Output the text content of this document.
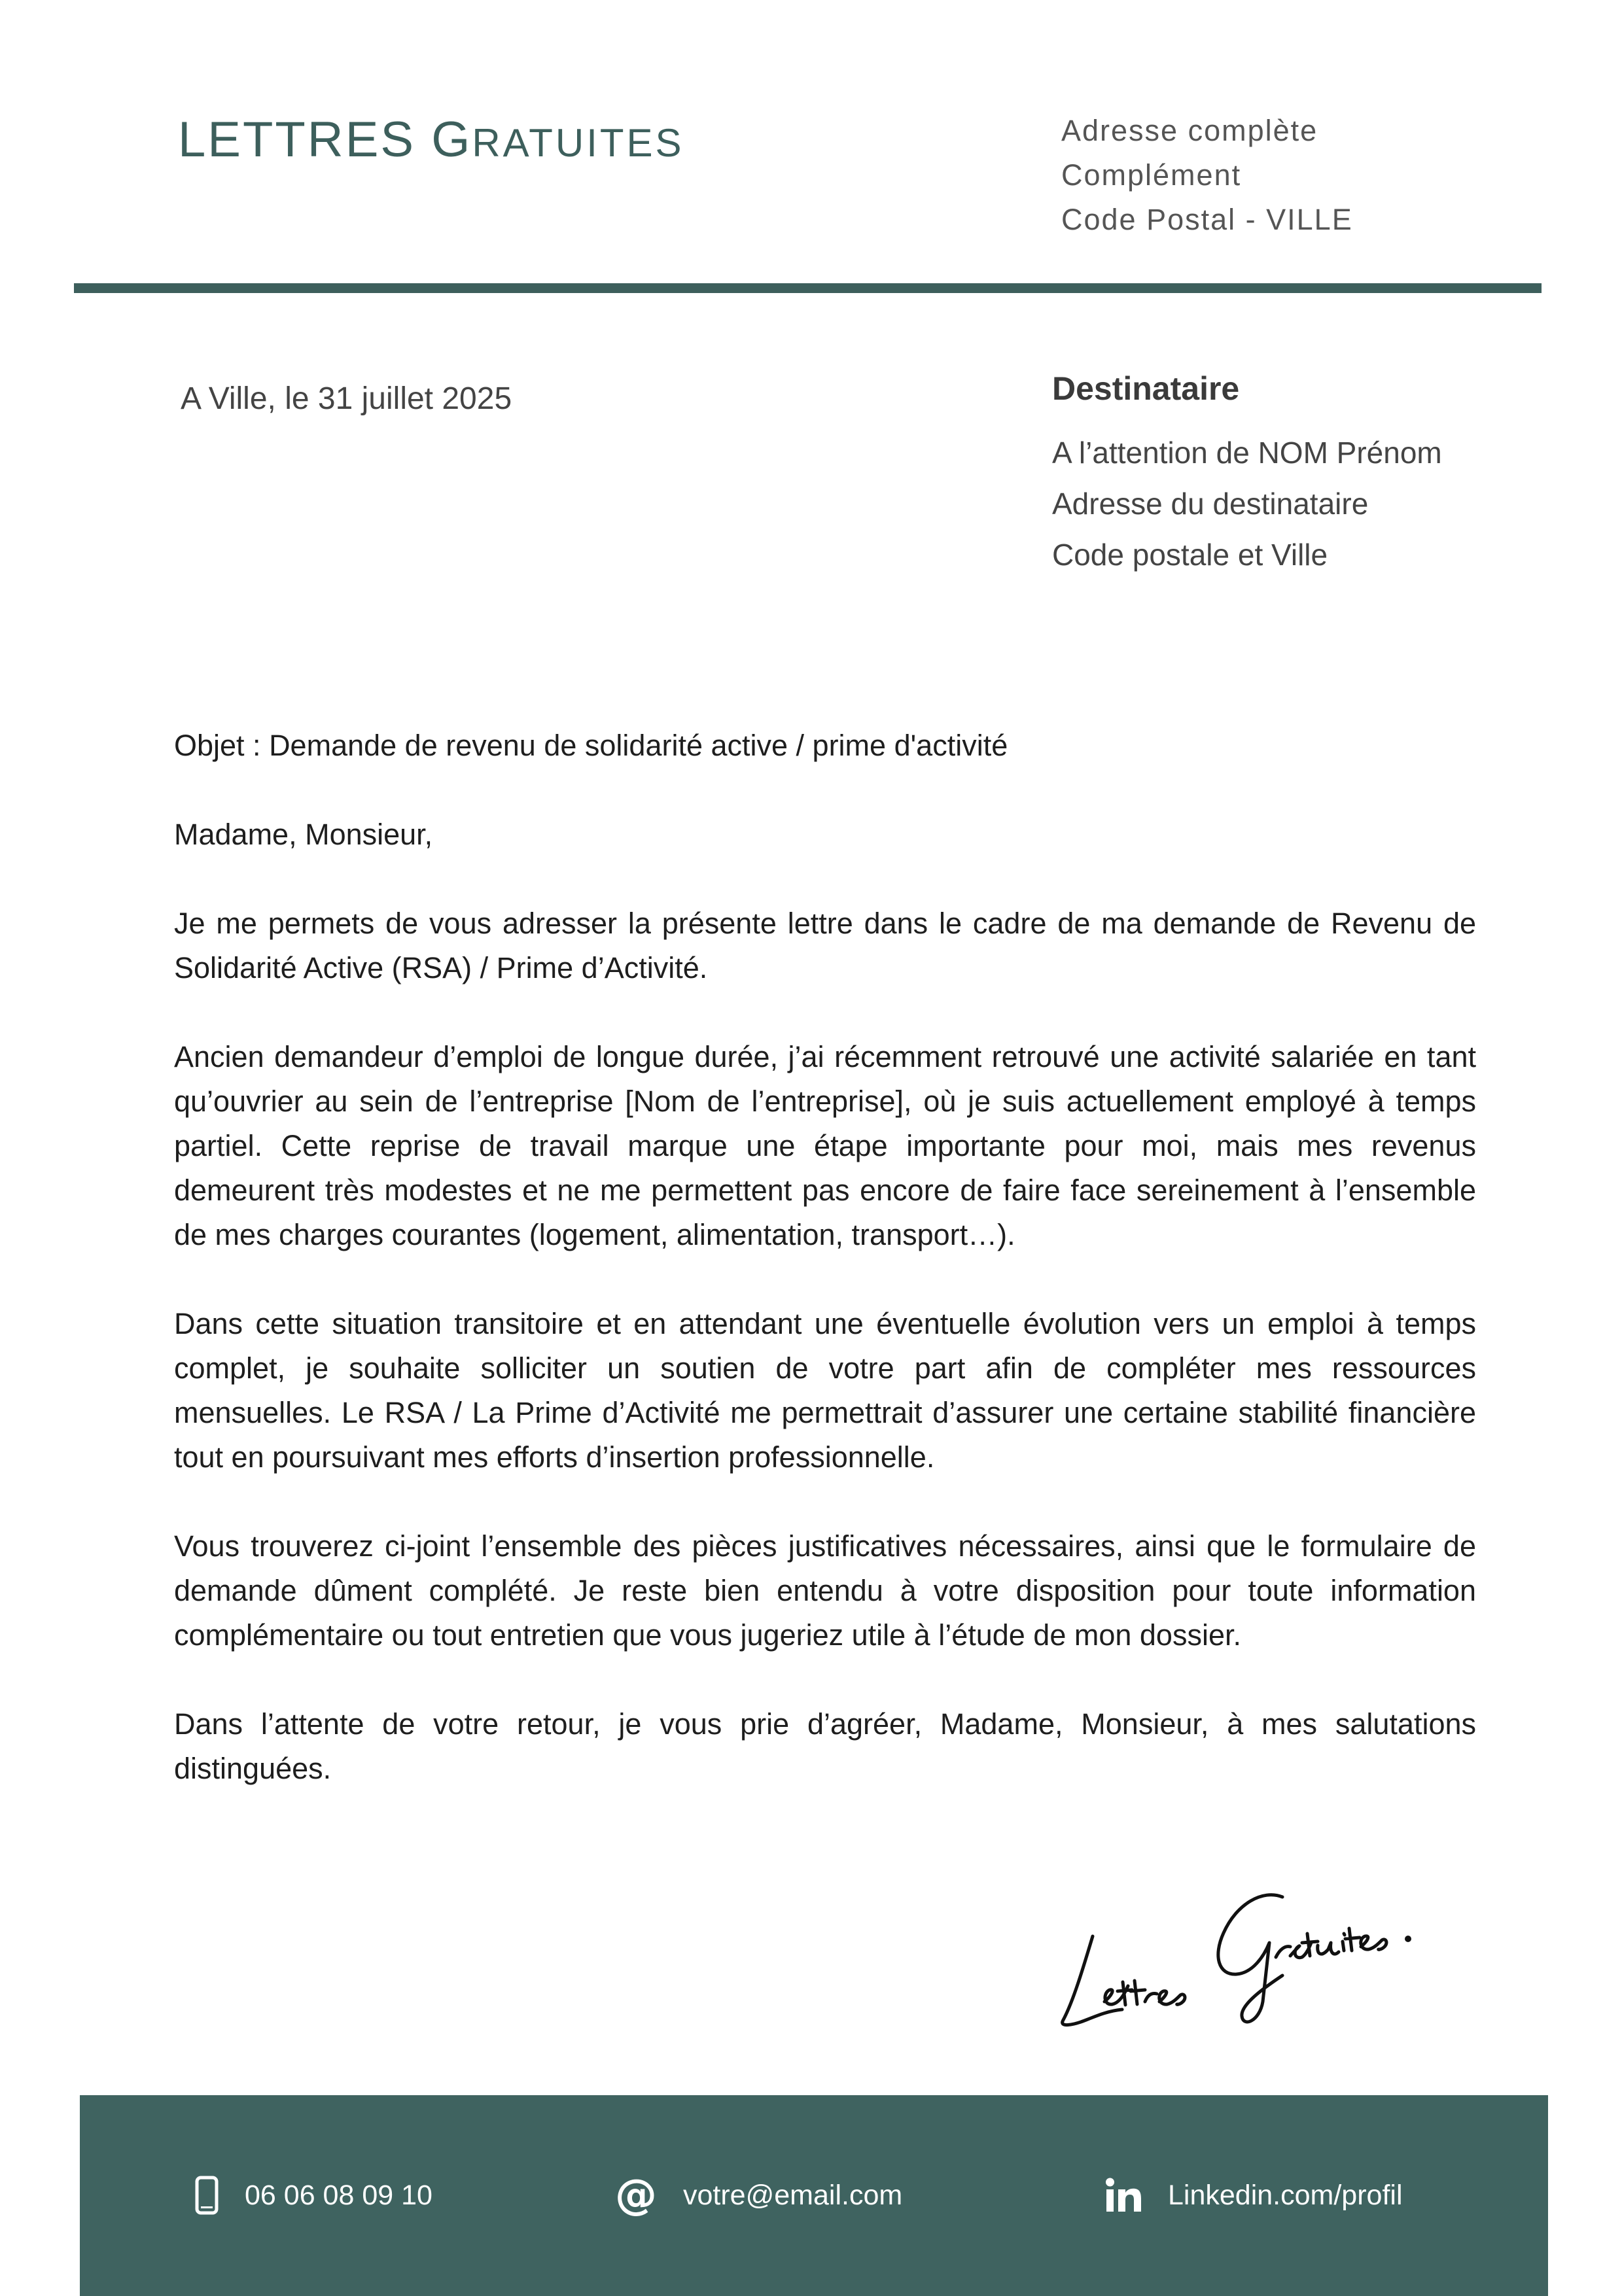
LETTRES GRATUITES	Adresse complète
Complément
Code Postal - VILLE
A Ville, le 31 juillet 2025	Destinataire
A l’attention de NOM Prénom
Adresse du destinataire
Code postale et Ville

Objet : Demande de revenu de solidarité active / prime d'activité

Madame, Monsieur,

Je me permets de vous adresser la présente lettre dans le cadre de ma demande de Revenu de Solidarité Active (RSA) / Prime d’Activité.

Ancien demandeur d’emploi de longue durée, j’ai récemment retrouvé une activité salariée en tant qu’ouvrier au sein de l’entreprise [Nom de l’entreprise], où je suis actuellement employé à temps partiel. Cette reprise de travail marque une étape importante pour moi, mais mes revenus demeurent très modestes et ne me permettent pas encore de faire face sereinement à l’ensemble de mes charges courantes (logement, alimentation, transport…).

Dans cette situation transitoire et en attendant une éventuelle évolution vers un emploi à temps complet, je souhaite solliciter un soutien de votre part afin de compléter mes ressources mensuelles. Le RSA / La Prime d’Activité me permettrait d’assurer une certaine stabilité financière tout en poursuivant mes efforts d’insertion professionnelle.

Vous trouverez ci-joint l’ensemble des pièces justificatives nécessaires, ainsi que le formulaire de demande dûment complété. Je reste bien entendu à votre disposition pour toute information complémentaire ou tout entretien que vous jugeriez utile à l’étude de mon dossier.

Dans l’attente de votre retour, je vous prie d’agréer, Madame, Monsieur, à mes salutations distinguées.

06 06 08 09 10	@ votre@email.com	Linkedin.com/profil
